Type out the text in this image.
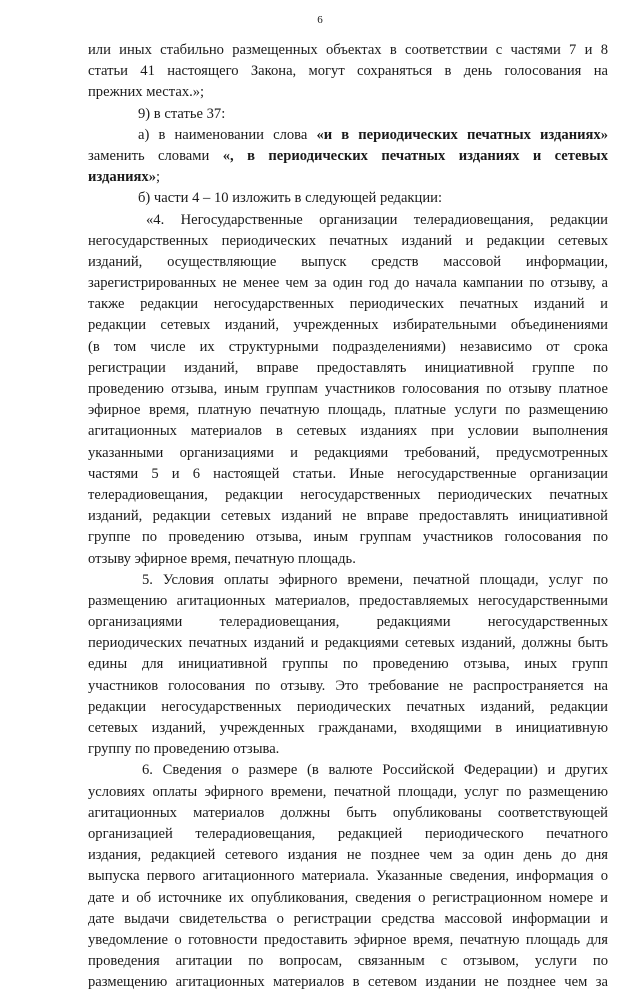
6
или иных стабильно размещенных объектах в соответствии с частями 7 и 8
статьи 41 настоящего Закона, могут сохраняться в день голосования на
прежних местах.»;
9) в статье 37:
а) в наименовании слова «и в периодических печатных изданиях»
заменить словами «, в периодических печатных изданиях и сетевых
изданиях»;
б) части 4 – 10 изложить в следующей редакции:
«4. Негосударственные организации телерадиовещания, редакции
негосударственных периодических печатных изданий и редакции сетевых
изданий, осуществляющие выпуск средств массовой информации,
зарегистрированных не менее чем за один год до начала кампании по отзыву, а
также редакции негосударственных периодических печатных изданий и
редакции сетевых изданий, учрежденных избирательными объединениями
(в том числе их структурными подразделениями) независимо от срока
регистрации изданий, вправе предоставлять инициативной группе по
проведению отзыва, иным группам участников голосования по отзыву платное
эфирное время, платную печатную площадь, платные услуги по размещению
агитационных материалов в сетевых изданиях при условии выполнения
указанными организациями и редакциями требований, предусмотренных
частями 5 и 6 настоящей статьи. Иные негосударственные организации
телерадиовещания, редакции негосударственных периодических печатных
изданий, редакции сетевых изданий не вправе предоставлять инициативной
группе по проведению отзыва, иным группам участников голосования по
отзыву эфирное время, печатную площадь.
5. Условия оплаты эфирного времени, печатной площади, услуг по
размещению агитационных материалов, предоставляемых негосударственными
организациями телерадиовещания, редакциями негосударственных
периодических печатных изданий и редакциями сетевых изданий, должны быть
едины для инициативной группы по проведению отзыва, иных групп
участников голосования по отзыву. Это требование не распространяется на
редакции негосударственных периодических печатных изданий, редакции
сетевых изданий, учрежденных гражданами, входящими в инициативную
группу по проведению отзыва.
6. Сведения о размере (в валюте Российской Федерации) и других
условиях оплаты эфирного времени, печатной площади, услуг по размещению
агитационных материалов должны быть опубликованы соответствующей
организацией телерадиовещания, редакцией периодического печатного
издания, редакцией сетевого издания не позднее чем за один день до дня
выпуска первого агитационного материала. Указанные сведения, информация о
дате и об источнике их опубликования, сведения о регистрационном номере и
дате выдачи свидетельства о регистрации средства массовой информации и
уведомление о готовности предоставить эфирное время, печатную площадь для
проведения агитации по вопросам, связанным с отзывом, услуги по
размещению агитационных материалов в сетевом издании не позднее чем за
